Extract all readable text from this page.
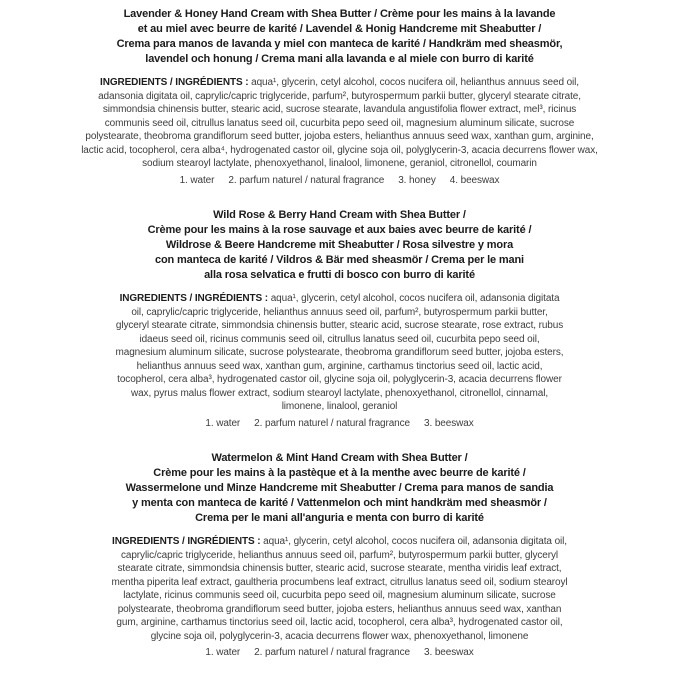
Lavender & Honey Hand Cream with Shea Butter / Crème pour les mains à la lavande
et au miel avec beurre de karité / Lavendel & Honig Handcreme mit Sheabutter /
Crema para manos de lavanda y miel con manteca de karité / Handkräm med sheasmör,
lavendel och honung / Crema mani alla lavanda e al miele con burro di karité

INGREDIENTS / INGRÉDIENTS : aqua¹, glycerin, cetyl alcohol, cocos nucifera oil, helianthus annuus seed oil, adansonia digitata oil, caprylic/capric triglyceride, parfum², butyrospermum parkii butter, glyceryl stearate citrate, simmondsia chinensis butter, stearic acid, sucrose stearate, lavandula angustifolia flower extract, mel³, ricinus communis seed oil, citrullus lanatus seed oil, cucurbita pepo seed oil, magnesium aluminum silicate, sucrose polystearate, theobroma grandiflorum seed butter, jojoba esters, helianthus annuus seed wax, xanthan gum, arginine, lactic acid, tocopherol, cera alba⁴, hydrogenated castor oil, glycine soja oil, polyglycerin-3, acacia decurrens flower wax, sodium stearoyl lactylate, phenoxyethanol, linalool, limonene, geraniol, citronellol, coumarin

1. water 2. parfum naturel / natural fragrance 3. honey 4. beeswax
Wild Rose & Berry Hand Cream with Shea Butter /
Crème pour les mains à la rose sauvage et aux baies avec beurre de karité /
Wildrose & Beere Handcreme mit Sheabutter / Rosa silvestre y mora
con manteca de karité / Vildros & Bär med sheasmör / Crema per le mani
alla rosa selvatica e frutti di bosco con burro di karité

INGREDIENTS / INGRÉDIENTS : aqua¹, glycerin, cetyl alcohol, cocos nucifera oil, adansonia digitata oil, caprylic/capric triglyceride, helianthus annuus seed oil, parfum², butyrospermum parkii butter, glyceryl stearate citrate, simmondsia chinensis butter, stearic acid, sucrose stearate, rose extract, rubus idaeus seed oil, ricinus communis seed oil, citrullus lanatus seed oil, cucurbita pepo seed oil, magnesium aluminum silicate, sucrose polystearate, theobroma grandiflorum seed butter, jojoba esters, helianthus annuus seed wax, xanthan gum, arginine, carthamus tinctorius seed oil, lactic acid, tocopherol, cera alba³, hydrogenated castor oil, glycine soja oil, polyglycerin-3, acacia decurrens flower wax, pyrus malus flower extract, sodium stearoyl lactylate, phenoxyethanol, citronellol, cinnamal, limonene, linalool, geraniol

1. water 2. parfum naturel / natural fragrance 3. beeswax
Watermelon & Mint Hand Cream with Shea Butter /
Crème pour les mains à la pastèque et à la menthe avec beurre de karité /
Wassermelone und Minze Handcreme mit Sheabutter / Crema para manos de sandia
y menta con manteca de karité / Vattenmelon och mint handkräm med sheasmör /
Crema per le mani all'anguria e menta con burro di karité

INGREDIENTS / INGRÉDIENTS : aqua¹, glycerin, cetyl alcohol, cocos nucifera oil, adansonia digitata oil, caprylic/capric triglyceride, helianthus annuus seed oil, parfum², butyrospermum parkii butter, glyceryl stearate citrate, simmondsia chinensis butter, stearic acid, sucrose stearate, mentha viridis leaf extract, mentha piperita leaf extract, gaultheria procumbens leaf extract, citrullus lanatus seed oil, sodium stearoyl lactylate, ricinus communis seed oil, cucurbita pepo seed oil, magnesium aluminum silicate, sucrose polystearate, theobroma grandiflorum seed butter, jojoba esters, helianthus annuus seed wax, xanthan gum, arginine, carthamus tinctorius seed oil, lactic acid, tocopherol, cera alba³, hydrogenated castor oil, glycine soja oil, polyglycerin-3, acacia decurrens flower wax, phenoxyethanol, limonene

1. water 2. parfum naturel / natural fragrance 3. beeswax
